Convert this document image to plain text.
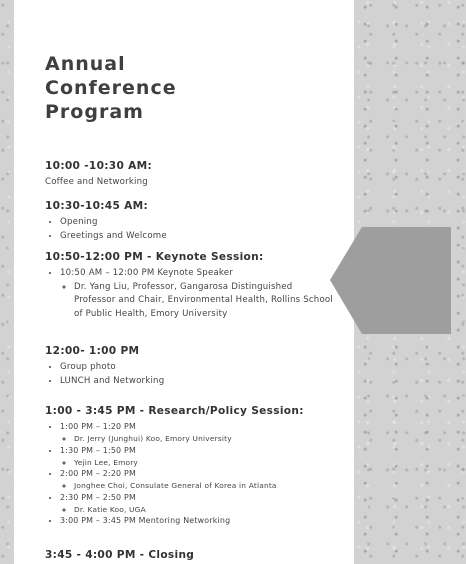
Annual
Conference
Program

10:00 -10:30 AM:

Coffee and Networking

10:30-10:45 AM:

• Opening
• Greetings and Welcome

10:50-12:00 PM - Keynote Session:

• 10:50 AM – 12:00 PM Keynote Speaker
◦ Dr. Yang Liu, Professor, Gangarosa Distinguished Professor and Chair, Environmental Health, Rollins School of Public Health, Emory University

12:00- 1:00 PM

• Group photo
• LUNCH and Networking

1:00 - 3:45 PM - Research/Policy Session:

• 1:00 PM – 1:20 PM
◦ Dr. Jerry (Junghui) Koo, Emory University
• 1:30 PM – 1:50 PM
◦ Yejin Lee, Emory
• 2:00 PM – 2:20 PM
◦ Jonghee Choi, Consulate General of Korea in Atlanta
• 2:30 PM – 2:50 PM
◦ Dr. Katie Koo, UGA
• 3:00 PM – 3:45 PM Mentoring Networking

3:45 - 4:00 PM - Closing
